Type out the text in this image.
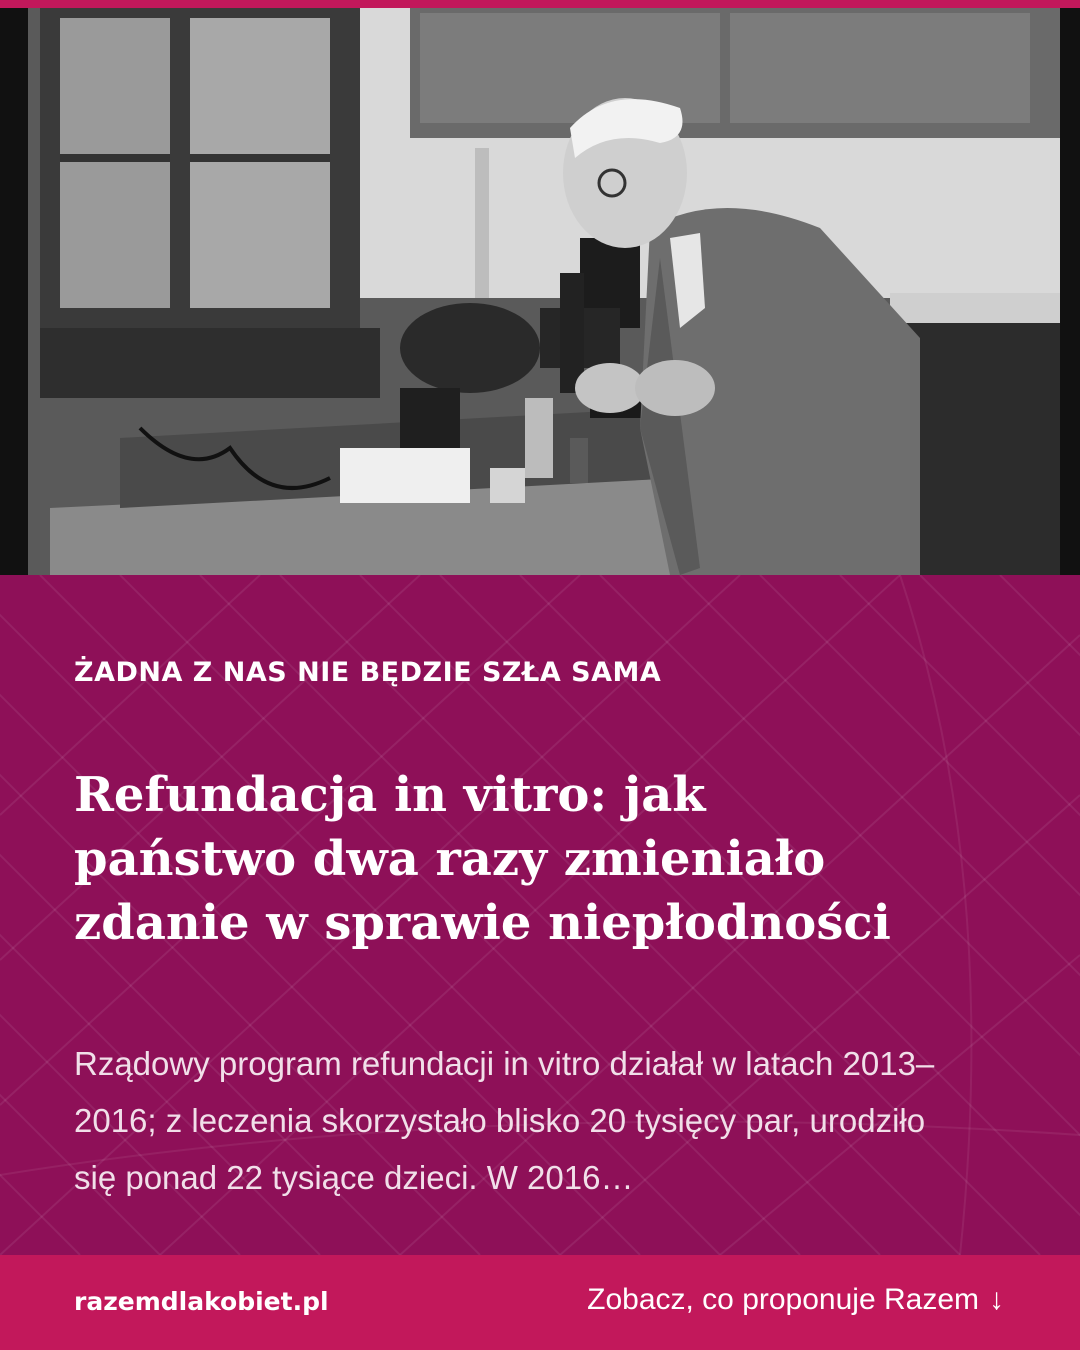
ŻADNA Z NAS NIE BĘDZIE SZŁA SAMA
Refundacja in vitro: jak państwo dwa razy zmieniało zdanie w sprawie niepłodności

Rządowy program refundacji in vitro działał w latach 2013–2016; z leczenia skorzystało blisko 20 tysięcy par, urodziło się ponad 22 tysiące dzieci. W 2016…

razemdlakobiet.pl	Zobacz, co proponuje Razem ↓
